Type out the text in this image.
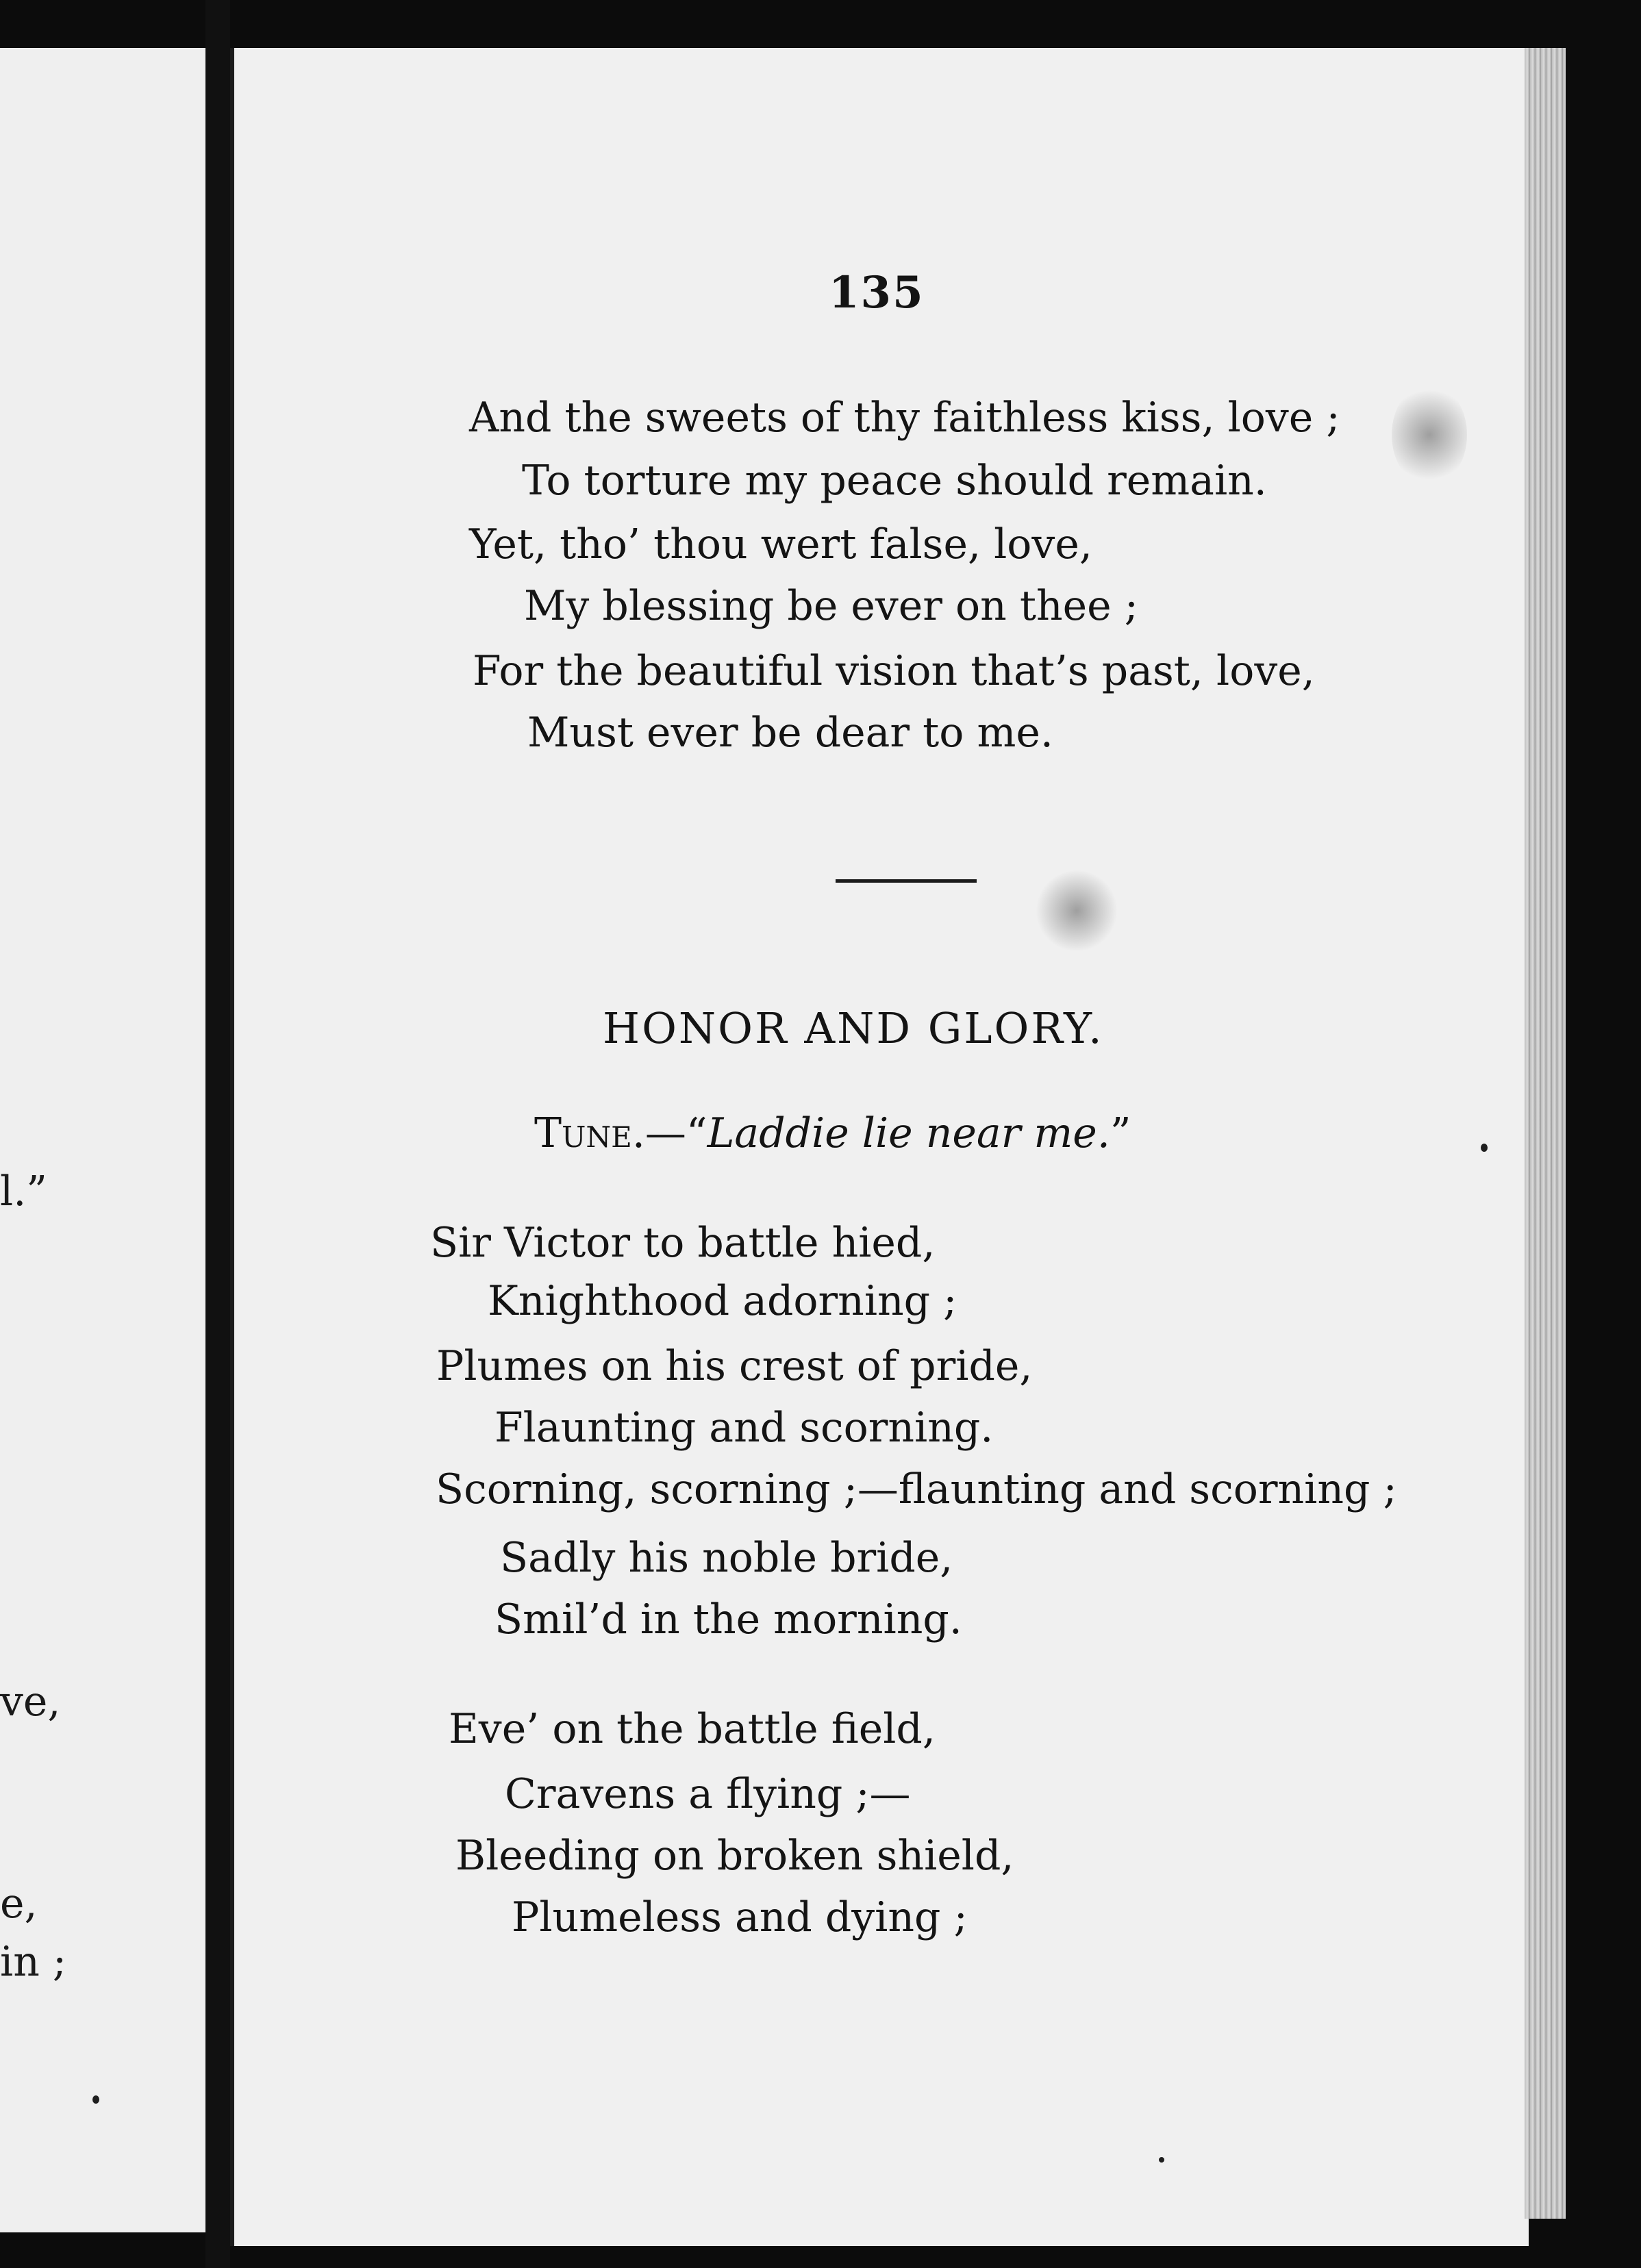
l.”
ve,
e,
in ;
135
And the sweets of thy faithless kiss, love ;
To torture my peace should remain.
Yet, tho’ thou wert false, love,
My blessing be ever on thee ;
For the beautiful vision that’s past, love,
Must ever be dear to me.
HONOR AND GLORY.
Tune.—“Laddie lie near me.”
Sir Victor to battle hied,
Knighthood adorning ;
Plumes on his crest of pride,
Flaunting and scorning.
Scorning, scorning ;—flaunting and scorning ;
Sadly his noble bride,
Smil’d in the morning.
Eve’ on the battle field,
Cravens a flying ;—
Bleeding on broken shield,
Plumeless and dying ;
